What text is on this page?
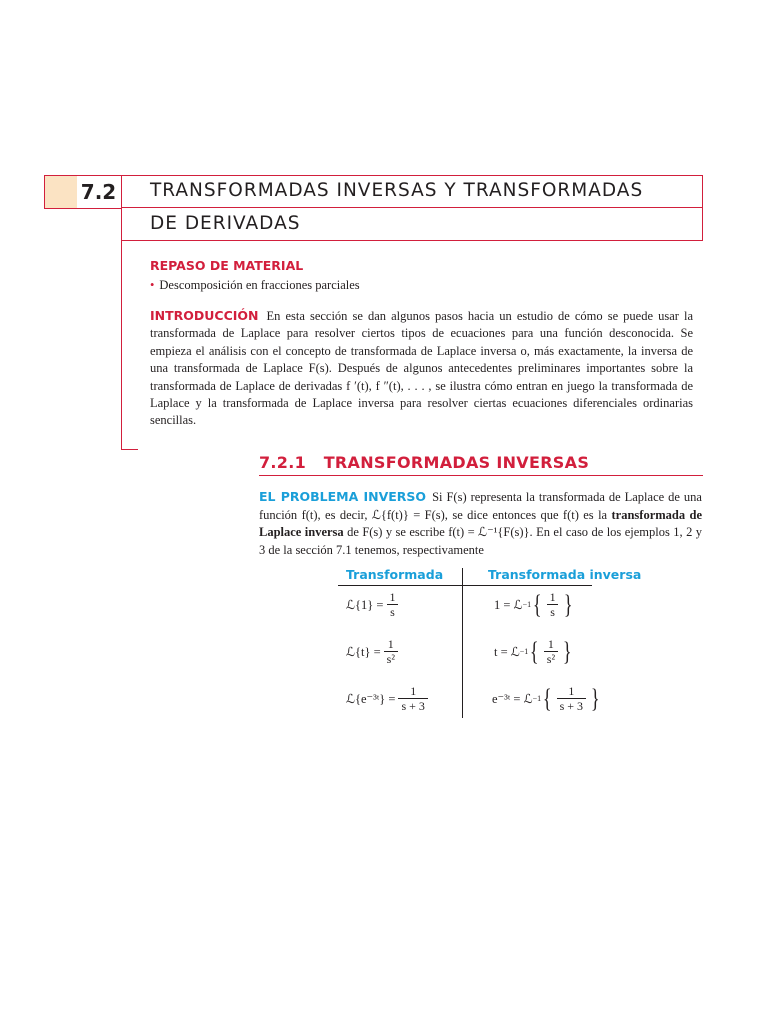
7.2 TRANSFORMADAS INVERSAS Y TRANSFORMADAS
DE DERIVADAS
REPASO DE MATERIAL
• Descomposición en fracciones parciales
INTRODUCCIÓN En esta sección se dan algunos pasos hacia un estudio de cómo se puede usar la transformada de Laplace para resolver ciertos tipos de ecuaciones para una función desconocida. Se empieza el análisis con el concepto de transformada de Laplace inversa o, más exactamente, la inversa de una transformada de Laplace F(s). Después de algunos antecedentes preliminares importantes sobre la transformada de Laplace de derivadas f ′(t), f ″(t), . . . , se ilustra cómo entran en juego la transformada de Laplace y la transformada de Laplace inversa para resolver ciertas ecuaciones diferenciales ordinarias sencillas.
7.2.1 TRANSFORMADAS INVERSAS
EL PROBLEMA INVERSO Si F(s) representa la transformada de Laplace de una función f(t), es decir, ℒ{f(t)} = F(s), se dice entonces que f(t) es la transformada de Laplace inversa de F(s) y se escribe f(t) = ℒ⁻¹{F(s)}. En el caso de los ejemplos 1, 2 y 3 de la sección 7.1 tenemos, respectivamente
Transformada	Transformada inversa
ℒ{1} = $\frac{1}{s}$	1 = ℒ −1 { $\frac{1}{s}$ }
ℒ{t} = $\frac{1}{\text{s²}}$	t = ℒ −1 { $\frac{1}{\text{s²}}$ }
ℒ{e⁻³ᵗ} = $\frac{1}{s + 3}$	e⁻³ᵗ = ℒ −1 { $\frac{1}{s + 3}$ }
